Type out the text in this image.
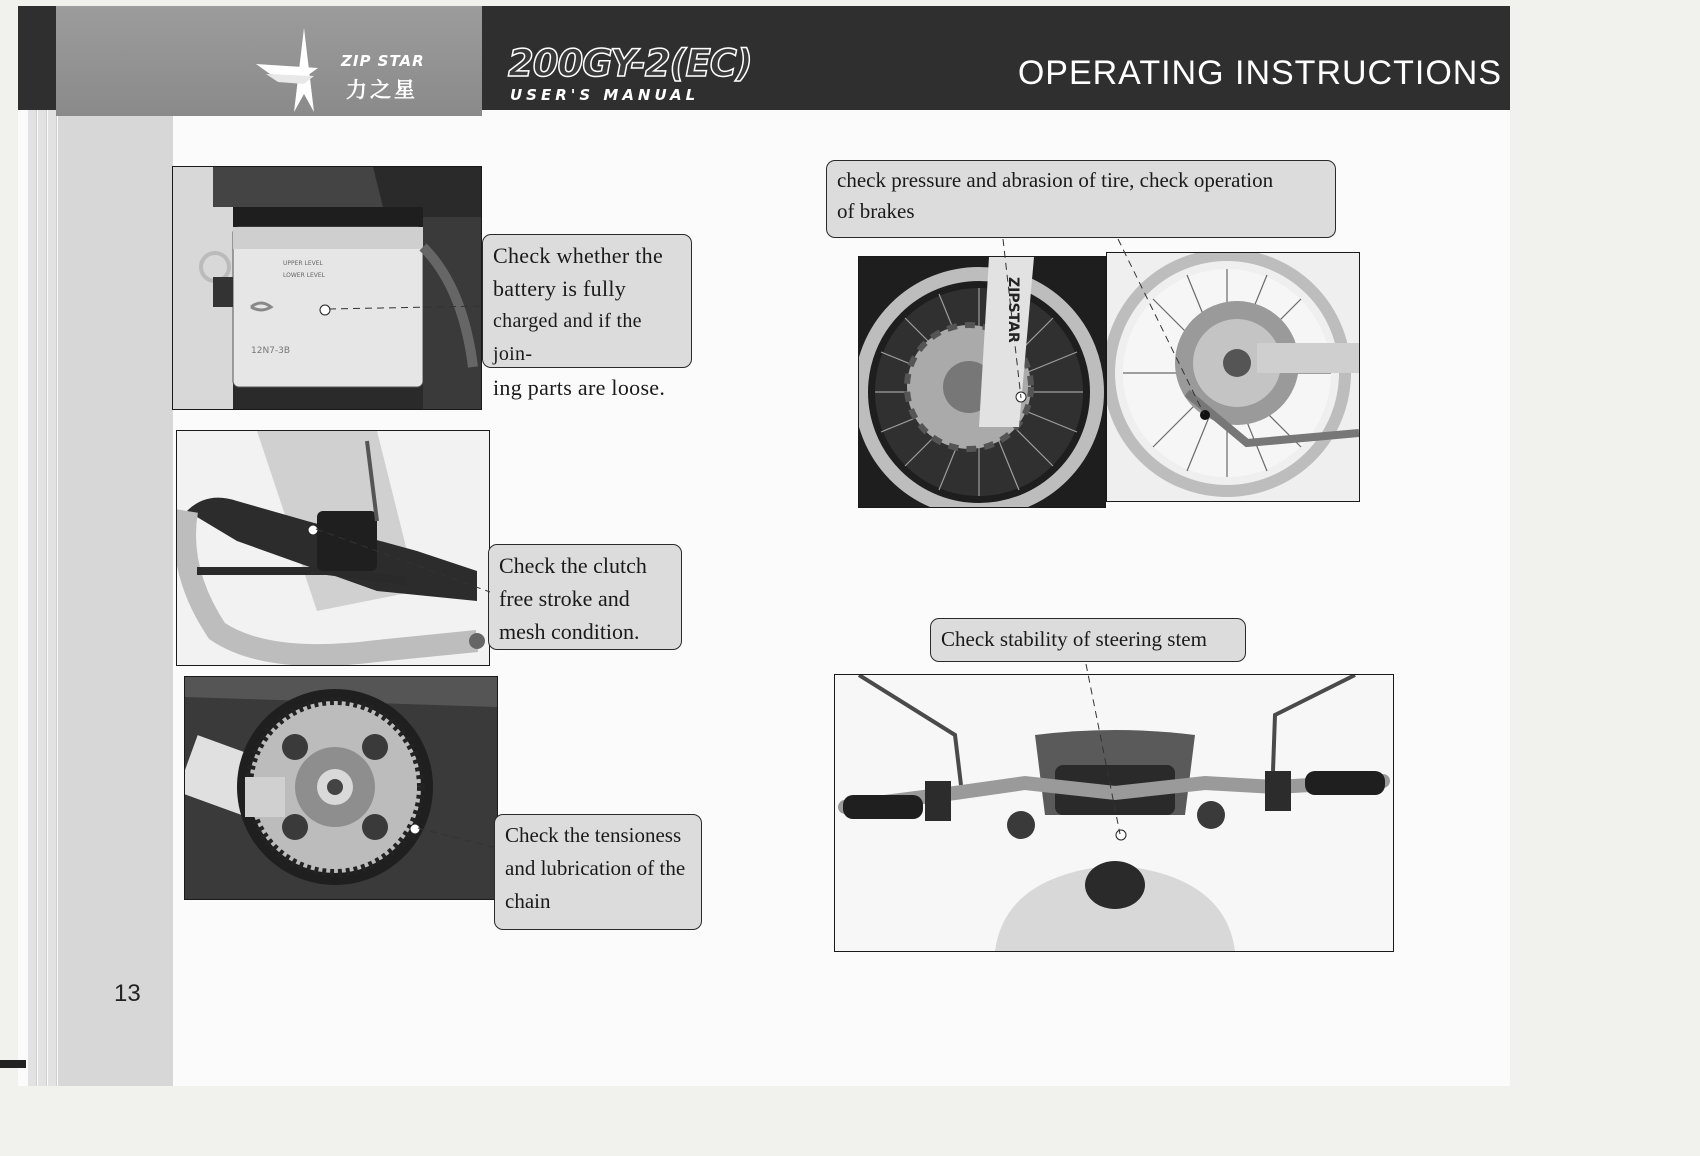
ZIP STAR
力之星
200GY-2(EC)
USER'S MANUAL
OPERATING INSTRUCTIONS
UPPER LEVEL
LOWER LEVEL
12N7-3B
ZIPSTAR
Check whether the
battery is fully
charged and if the join-
ing parts are loose.
Check the clutch
free stroke and
mesh condition.
Check the tensioness
and lubrication of the
chain
check pressure and abrasion of tire, check operation
of brakes
Check stability of steering stem
13
